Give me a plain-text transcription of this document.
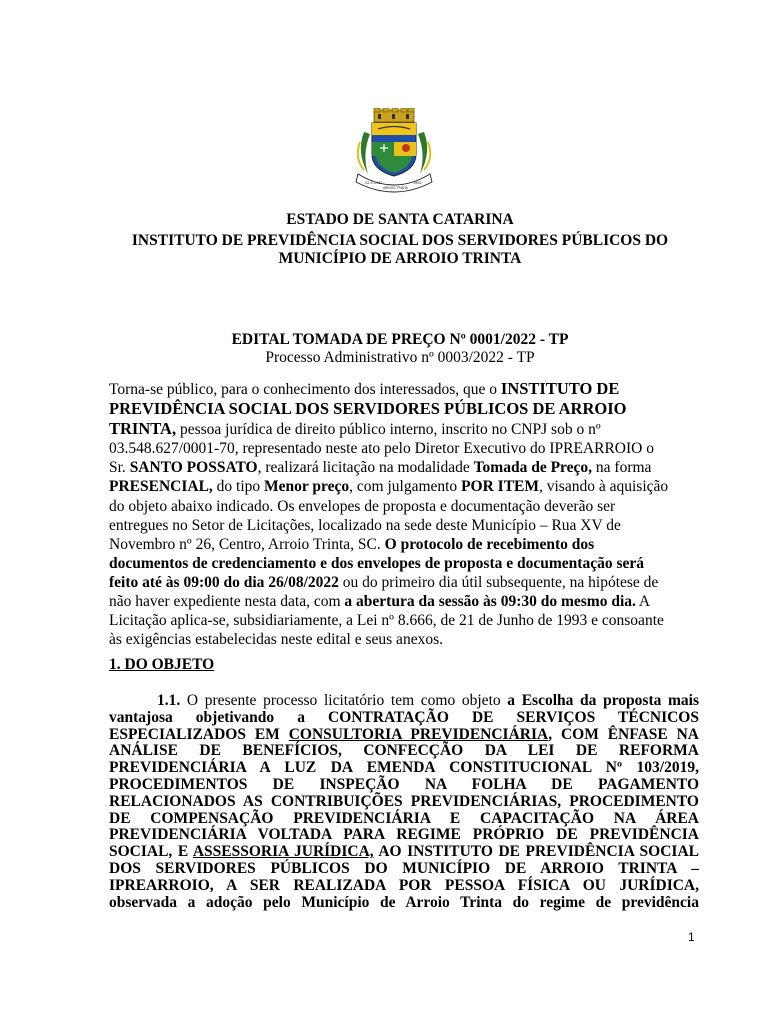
22-5-1962
ARROIO TRINTA
1962
ESTADO DE SANTA CATARINA
INSTITUTO DE PREVIDÊNCIA SOCIAL DOS SERVIDORES PÚBLICOS DO
MUNICÍPIO DE ARROIO TRINTA
EDITAL TOMADA DE PREÇO Nº 0001/2022 - TP
Processo Administrativo nº 0003/2022 - TP
Torna-se público, para o conhecimento dos interessados, que o INSTITUTO DE PREVIDÊNCIA SOCIAL DOS SERVIDORES PÚBLICOS DE ARROIO TRINTA, pessoa jurídica de direito público interno, inscrito no CNPJ sob o nº 03.548.627/0001-70, representado neste ato pelo Diretor Executivo do IPREARROIO o Sr. SANTO POSSATO, realizará licitação na modalidade Tomada de Preço, na forma PRESENCIAL, do tipo Menor preço, com julgamento POR ITEM, visando à aquisição do objeto abaixo indicado. Os envelopes de proposta e documentação deverão ser entregues no Setor de Licitações, localizado na sede deste Município – Rua XV de Novembro nº 26, Centro, Arroio Trinta, SC. O protocolo de recebimento dos documentos de credenciamento e dos envelopes de proposta e documentação será feito até às 09:00 do dia 26/08/2022 ou do primeiro dia útil subsequente, na hipótese de não haver expediente nesta data, com a abertura da sessão às 09:30 do mesmo dia. A Licitação aplica-se, subsidiariamente, a Lei nº 8.666, de 21 de Junho de 1993 e consoante às exigências estabelecidas neste edital e seus anexos.
1. DO OBJETO
1.1. O presente processo licitatório tem como objeto a Escolha da proposta mais
vantajosa objetivando a CONTRATAÇÃO DE SERVIÇOS TÉCNICOS
ESPECIALIZADOS EM CONSULTORIA PREVIDENCIÁRIA, COM ÊNFASE NA
ANÁLISE DE BENEFÍCIOS, CONFECÇÃO DA LEI DE REFORMA
PREVIDENCIÁRIA A LUZ DA EMENDA CONSTITUCIONAL Nº 103/2019,
PROCEDIMENTOS DE INSPEÇÃO NA FOLHA DE PAGAMENTO
RELACIONADOS AS CONTRIBUIÇÕES PREVIDENCIÁRIAS, PROCEDIMENTO
DE COMPENSAÇÃO PREVIDENCIÁRIA E CAPACITAÇÃO NA ÁREA
PREVIDENCIÁRIA VOLTADA PARA REGIME PRÓPRIO DE PREVIDÊNCIA
SOCIAL, E ASSESSORIA JURÍDICA, AO INSTITUTO DE PREVIDÊNCIA SOCIAL
DOS SERVIDORES PÚBLICOS DO MUNICÍPIO DE ARROIO TRINTA –
IPREARROIO, A SER REALIZADA POR PESSOA FÍSICA OU JURÍDICA,
observada a adoção pelo Município de Arroio Trinta do regime de previdência
1
